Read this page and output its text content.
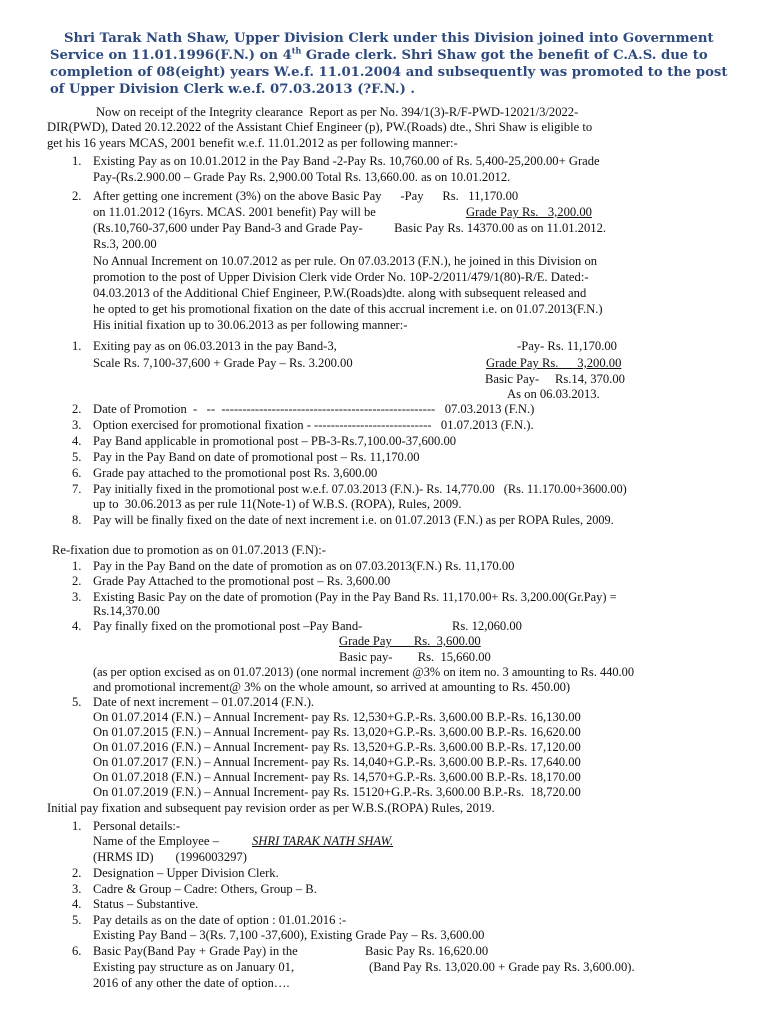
Shri Tarak Nath Shaw, Upper Division Clerk under this Division joined into Government Service on 11.01.1996(F.N.) on 4th Grade clerk. Shri Shaw got the benefit of C.A.S. due to completion of 08(eight) years W.e.f. 11.01.2004 and subsequently was promoted to the post of Upper Division Clerk w.e.f. 07.03.2013 (?F.N.) .
Now on receipt of the Integrity clearance  Report as per No. 394/1(3)-R/F-PWD-12021/3/2022-
DIR(PWD), Dated 20.12.2022 of the Assistant Chief Engineer (p), PW.(Roads) dte., Shri Shaw is eligible to
get his 16 years MCAS, 2001 benefit w.e.f. 11.01.2012 as per following manner:-
1. Existing Pay as on 10.01.2012 in the Pay Band -2-Pay Rs. 10,760.00 of Rs. 5,400-25,200.00+ Grade
Pay-(Rs.2.900.00 – Grade Pay Rs. 2,900.00 Total Rs. 13,660.00. as on 10.01.2012.
2. After getting one increment (3%) on the above Basic Pay      -Pay      Rs.   11,170.00
on 11.01.2012 (16yrs. MCAS. 2001 benefit) Pay will be	Grade Pay Rs.   3,200.00
(Rs.10,760-37,600 under Pay Band-3 and Grade Pay-          Basic Pay Rs. 14370.00 as on 11.01.2012.
Rs.3, 200.00
No Annual Increment on 10.07.2012 as per rule. On 07.03.2013 (F.N.), he joined in this Division on
promotion to the post of Upper Division Clerk vide Order No. 10P-2/2011/479/1(80)-R/E. Dated:-
04.03.2013 of the Additional Chief Engineer, P.W.(Roads)dte. along with subsequent released and
he opted to get his promotional fixation on the date of this accrual increment i.e. on 01.07.2013(F.N.)
His initial fixation up to 30.06.2013 as per following manner:-
1. Exiting pay as on 06.03.2013 in the pay Band-3,	-Pay- Rs. 11,170.00
Scale Rs. 7,100-37,600 + Grade Pay – Rs. 3.200.00	Grade Pay Rs.      3,200.00
Basic Pay-     Rs.14, 370.00
As on 06.03.2013.
2. Date of Promotion  -   --  ---------------------------------------------------   07.03.2013 (F.N.)
3. Option exercised for promotional fixation - ----------------------------   01.07.2013 (F.N.).
4. Pay Band applicable in promotional post – PB-3-Rs.7,100.00-37,600.00
5. Pay in the Pay Band on date of promotional post – Rs. 11,170.00
6. Grade pay attached to the promotional post Rs. 3,600.00
7. Pay initially fixed in the promotional post w.e.f. 07.03.2013 (F.N.)- Rs. 14,770.00   (Rs. 11.170.00+3600.00)
up to  30.06.2013 as per rule 11(Note-1) of W.B.S. (ROPA), Rules, 2009.
8. Pay will be finally fixed on the date of next increment i.e. on 01.07.2013 (F.N.) as per ROPA Rules, 2009.
Re-fixation due to promotion as on 01.07.2013 (F.N):-
1. Pay in the Pay Band on the date of promotion as on 07.03.2013(F.N.) Rs. 11,170.00
2. Grade Pay Attached to the promotional post – Rs. 3,600.00
3. Existing Basic Pay on the date of promotion (Pay in the Pay Band Rs. 11,170.00+ Rs. 3,200.00(Gr.Pay) =
Rs.14,370.00
4. Pay finally fixed on the promotional post –Pay Band-	Rs. 12,060.00
Grade Pay       Rs.  3,600.00
Basic pay-        Rs.  15,660.00
(as per option excised as on 01.07.2013) (one normal increment @3% on item no. 3 amounting to Rs. 440.00
and promotional increment@ 3% on the whole amount, so arrived at amounting to Rs. 450.00)
5. Date of next increment – 01.07.2014 (F.N.).
On 01.07.2014 (F.N.) – Annual Increment- pay Rs. 12,530+G.P.-Rs. 3,600.00 B.P.-Rs. 16,130.00
On 01.07.2015 (F.N.) – Annual Increment- pay Rs. 13,020+G.P.-Rs. 3,600.00 B.P.-Rs. 16,620.00
On 01.07.2016 (F.N.) – Annual Increment- pay Rs. 13,520+G.P.-Rs. 3,600.00 B.P.-Rs. 17,120.00
On 01.07.2017 (F.N.) – Annual Increment- pay Rs. 14,040+G.P.-Rs. 3,600.00 B.P.-Rs. 17,640.00
On 01.07.2018 (F.N.) – Annual Increment- pay Rs. 14,570+G.P.-Rs. 3,600.00 B.P.-Rs. 18,170.00
On 01.07.2019 (F.N.) – Annual Increment- pay Rs. 15120+G.P.-Rs. 3,600.00 B.P.-Rs.  18,720.00
Initial pay fixation and subsequent pay revision order as per W.B.S.(ROPA) Rules, 2019.
1. Personal details:-
Name of the Employee –	SHRI TARAK NATH SHAW.
(HRMS ID)       (1996003297)
2. Designation – Upper Division Clerk.
3. Cadre & Group – Cadre: Others, Group – B.
4. Status – Substantive.
5. Pay details as on the date of option : 01.01.2016 :-
Existing Pay Band – 3(Rs. 7,100 -37,600), Existing Grade Pay – Rs. 3,600.00
6. Basic Pay(Band Pay + Grade Pay) in the	Basic Pay Rs. 16,620.00
Existing pay structure as on January 01,	(Band Pay Rs. 13,020.00 + Grade pay Rs. 3,600.00).
2016 of any other the date of option….
